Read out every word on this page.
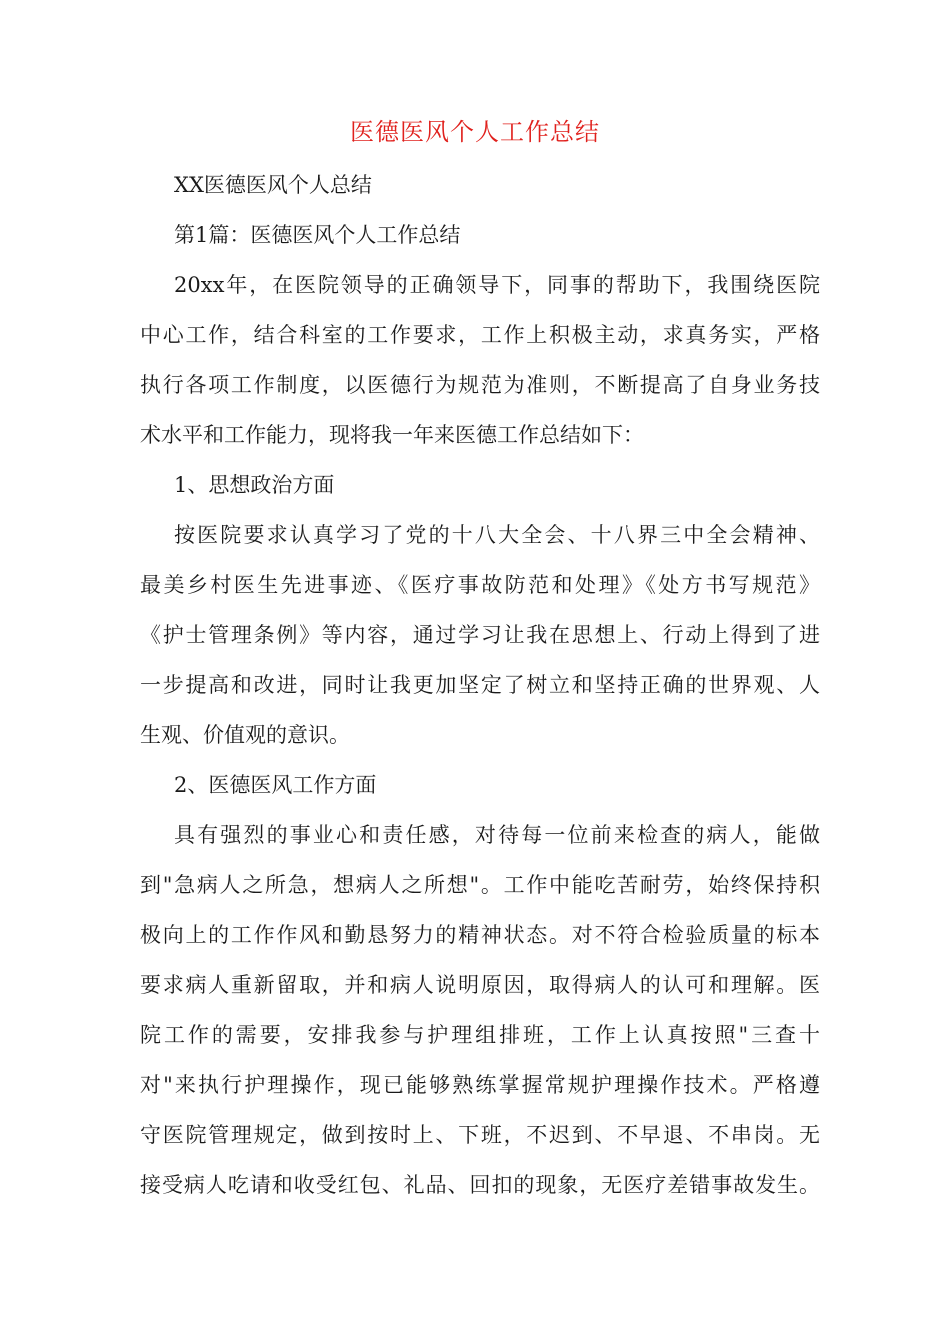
医德医风个人工作总结
XX医德医风个人总结
第1篇：医德医风个人工作总结
20xx年，在医院领导的正确领导下，同事的帮助下，我围绕医院
中心工作，结合科室的工作要求，工作上积极主动，求真务实，严格
执行各项工作制度，以医德行为规范为准则，不断提高了自身业务技
术水平和工作能力，现将我一年来医德工作总结如下：
1、思想政治方面
按医院要求认真学习了党的十八大全会、十八界三中全会精神、
最美乡村医生先进事迹、《医疗事故防范和处理》《处方书写规范》
《护士管理条例》等内容，通过学习让我在思想上、行动上得到了进
一步提高和改进，同时让我更加坚定了树立和坚持正确的世界观、人
生观、价值观的意识。
2、医德医风工作方面
具有强烈的事业心和责任感，对待每一位前来检查的病人，能做
到"急病人之所急，想病人之所想"。工作中能吃苦耐劳，始终保持积
极向上的工作作风和勤恳努力的精神状态。对不符合检验质量的标本
要求病人重新留取，并和病人说明原因，取得病人的认可和理解。医
院工作的需要，安排我参与护理组排班，工作上认真按照"三查十
对"来执行护理操作，现已能够熟练掌握常规护理操作技术。严格遵
守医院管理规定，做到按时上、下班，不迟到、不早退、不串岗。无
接受病人吃请和收受红包、礼品、回扣的现象，无医疗差错事故发生。
